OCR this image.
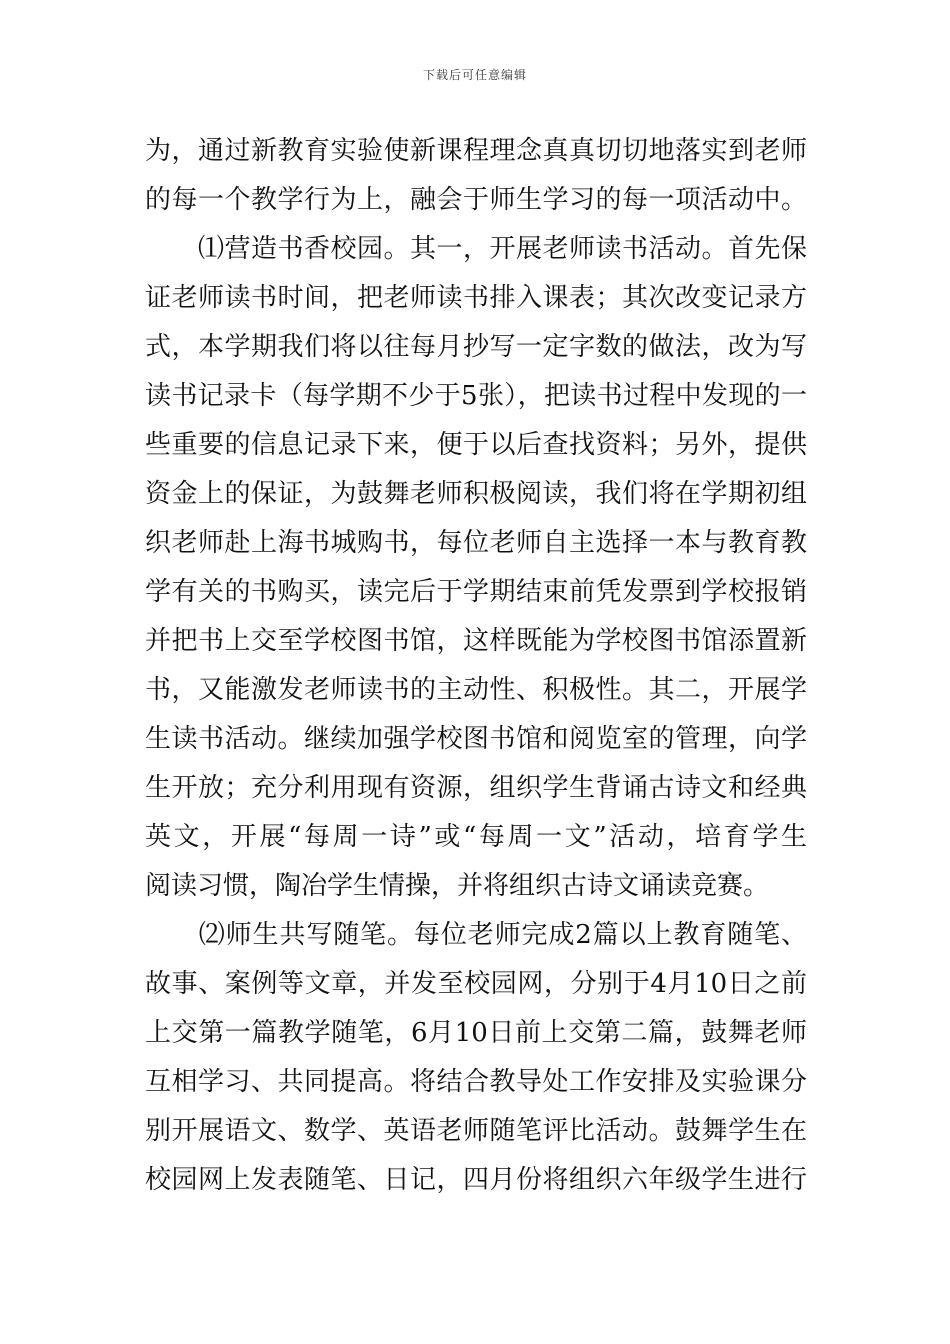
下载后可任意编辑
为，通过新教育实验使新课程理念真真切切地落实到老师
的每一个教学行为上，融会于师生学习的每一项活动中。
　　⑴营造书香校园。其一，开展老师读书活动。首先保
证老师读书时间，把老师读书排入课表；其次改变记录方
式，本学期我们将以往每月抄写一定字数的做法，改为写
读书记录卡（每学期不少于5张），把读书过程中发现的一
些重要的信息记录下来，便于以后查找资料；另外，提供
资金上的保证，为鼓舞老师积极阅读，我们将在学期初组
织老师赴上海书城购书，每位老师自主选择一本与教育教
学有关的书购买，读完后于学期结束前凭发票到学校报销
并把书上交至学校图书馆，这样既能为学校图书馆添置新
书，又能激发老师读书的主动性、积极性。其二，开展学
生读书活动。继续加强学校图书馆和阅览室的管理，向学
生开放；充分利用现有资源，组织学生背诵古诗文和经典
英文，开展“每周一诗”或“每周一文”活动，培育学生
阅读习惯，陶冶学生情操，并将组织古诗文诵读竞赛。
　　⑵师生共写随笔。每位老师完成2篇以上教育随笔、
故事、案例等文章，并发至校园网，分别于4月10日之前
上交第一篇教学随笔，6月10日前上交第二篇，鼓舞老师
互相学习、共同提高。将结合教导处工作安排及实验课分
别开展语文、数学、英语老师随笔评比活动。鼓舞学生在
校园网上发表随笔、日记，四月份将组织六年级学生进行
